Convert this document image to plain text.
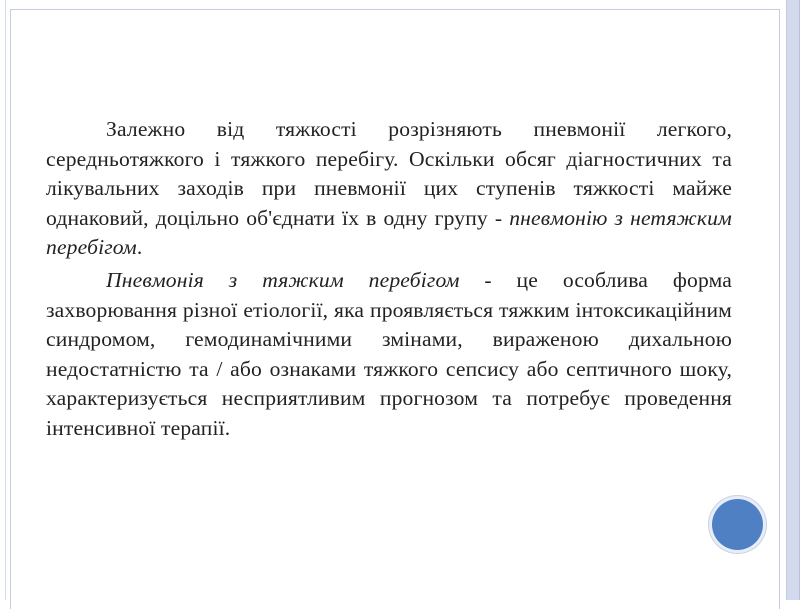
Залежно від тяжкості розрізняють пневмонії легкого, середньотяжкого і тяжкого перебігу. Оскільки обсяг діагностичних та лікувальних заходів при пневмонії цих ступенів тяжкості майже однаковий, доцільно об'єднати їх в одну групу - пневмонію з нетяжким перебігом.

Пневмонія з тяжким перебігом - це особлива форма захворювання різної етіології, яка проявляється тяжким інтоксикаційним синдромом, гемодинамічними змінами, вираженою дихальною недостатністю та / або ознаками тяжкого сепсису або септичного шоку, характеризується несприятливим прогнозом та потребує проведення інтенсивної терапії.
